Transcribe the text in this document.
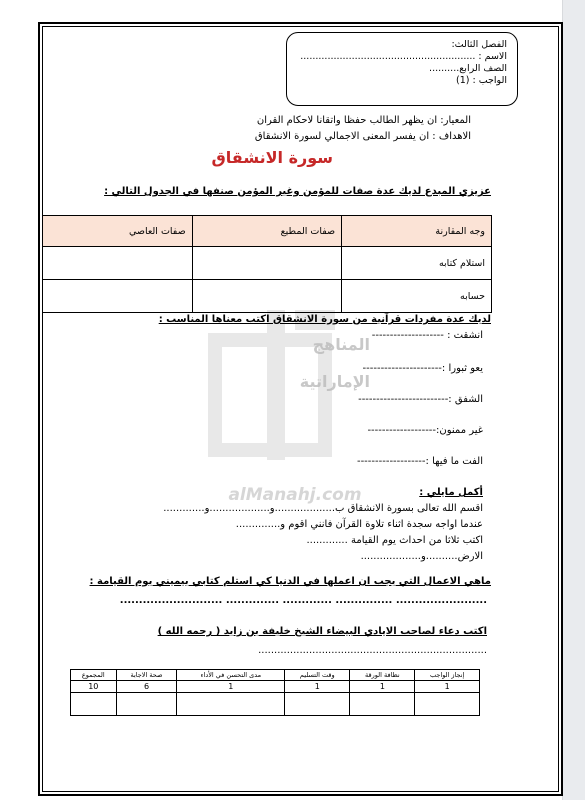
المناهج
الإماراتية
alManahj.com
الفصل الثالث:
الاسم : ..........................................................
الصف الرابع..........
الواجب : (1)
المعيار: ان يظهر الطالب حفظا واتقانا لاحكام القران
الاهداف : ان يفسر المعنى الاجمالي لسورة الانشقاق
سورة الانشقاق
عزيزي المبدع لديك عدة صفات للمؤمن وغير المؤمن صنفها في الجدول التالي :
وجه المقارنة	صفات المطيع	صفات العاصي
استلام كتابه		
حسابه		
لديك عدة مفردات قرآنية من سورة الانشقاق اكتب معناها المناسب :
انشقت : --------------------
يعو ثبورا :----------------------
الشفق :-------------------------
غير ممنون:-------------------
الفت ما فيها :-------------------
أكمل مايلي :
اقسم الله تعالى بسورة الانشقاق ب...................و...................و.............
عندما اواجه سجدة اثناء تلاوة القرآن فانني اقوم و..............
اكتب ثلاثا من احداث يوم القيامة .............
الارض..........و...................
ماهي الاعمال التي يجب ان اعملها في الدنيا كي استلم كتابي بيميني يوم القيامة :
........................ ............... ............. .............. ...........................
اكتب دعاء لصاحب الايادي البيضاء الشيخ خليفة بن زايد ( رحمه الله )
........................................................................
إنجاز الواجب	نظافة الورقة	وقت التسليم	مدى التحسن في الأداء	صحة الاجابة	المجموع
1	1	1	1	6	10
